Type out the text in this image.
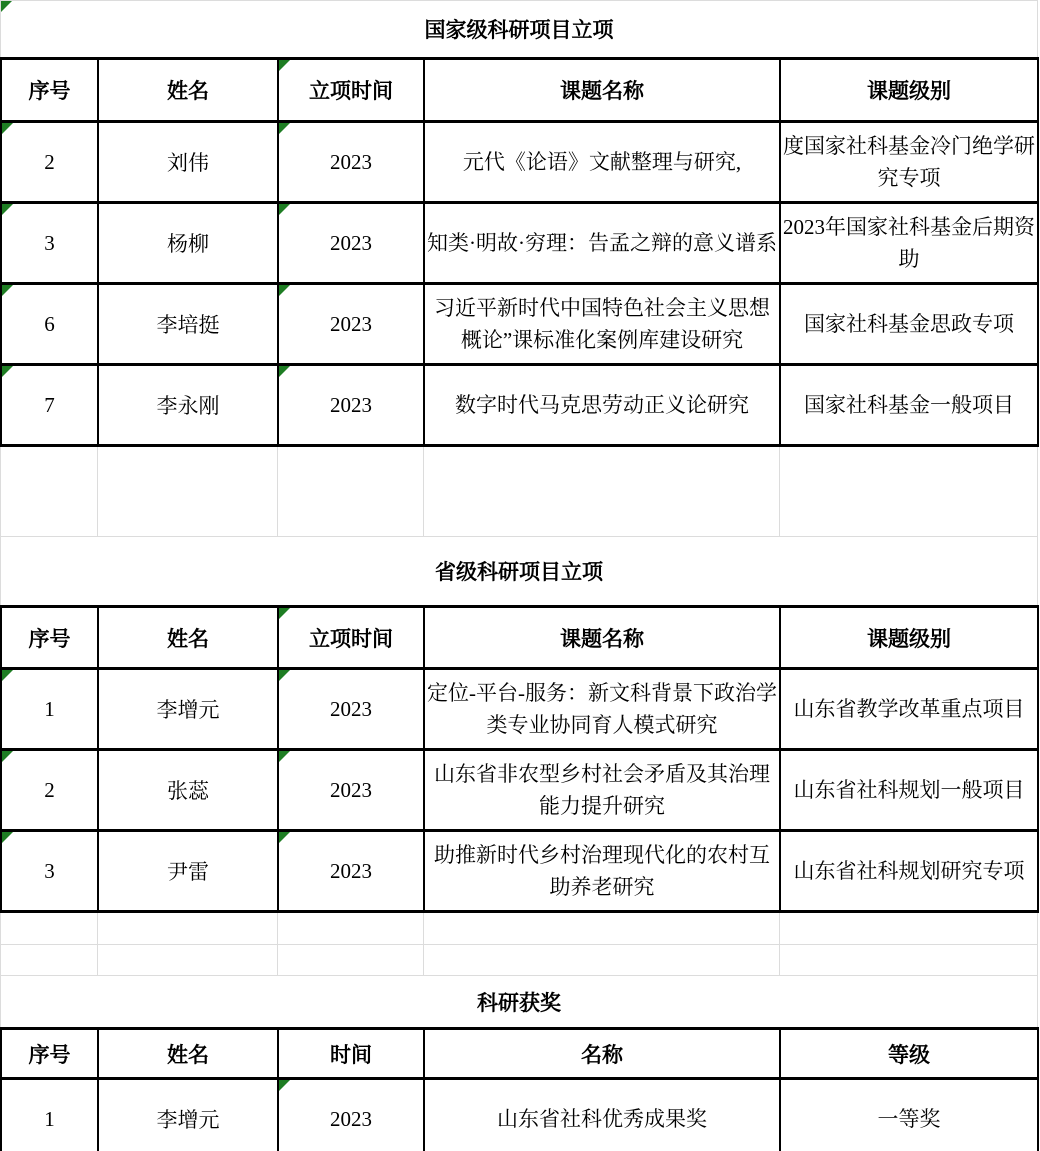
国家级科研项目立项
序号	姓名	立项时间	课题名称	课题级别

2	刘伟	2023	元代《论语》文献整理与研究,	度国家社科基金冷门绝学研究专项

3	杨柳	2023	知类·明故·穷理：告孟之辩的意义谱系	2023年国家社科基金后期资助

6	李培挺	2023	习近平新时代中国特色社会主义思想概论”课标准化案例库建设研究	国家社科基金思政专项

7	李永刚	2023	数字时代马克思劳动正义论研究	国家社科基金一般项目
省级科研项目立项
序号	姓名	立项时间	课题名称	课题级别

1	李增元	2023	定位-平台-服务：新文科背景下政治学类专业协同育人模式研究	山东省教学改革重点项目

2	张蕊	2023	山东省非农型乡村社会矛盾及其治理能力提升研究	山东省社科规划一般项目

3	尹雷	2023	助推新时代乡村治理现代化的农村互助养老研究	山东省社科规划研究专项
科研获奖
序号	姓名	时间	名称	等级
1	李增元	2023	山东省社科优秀成果奖	一等奖
